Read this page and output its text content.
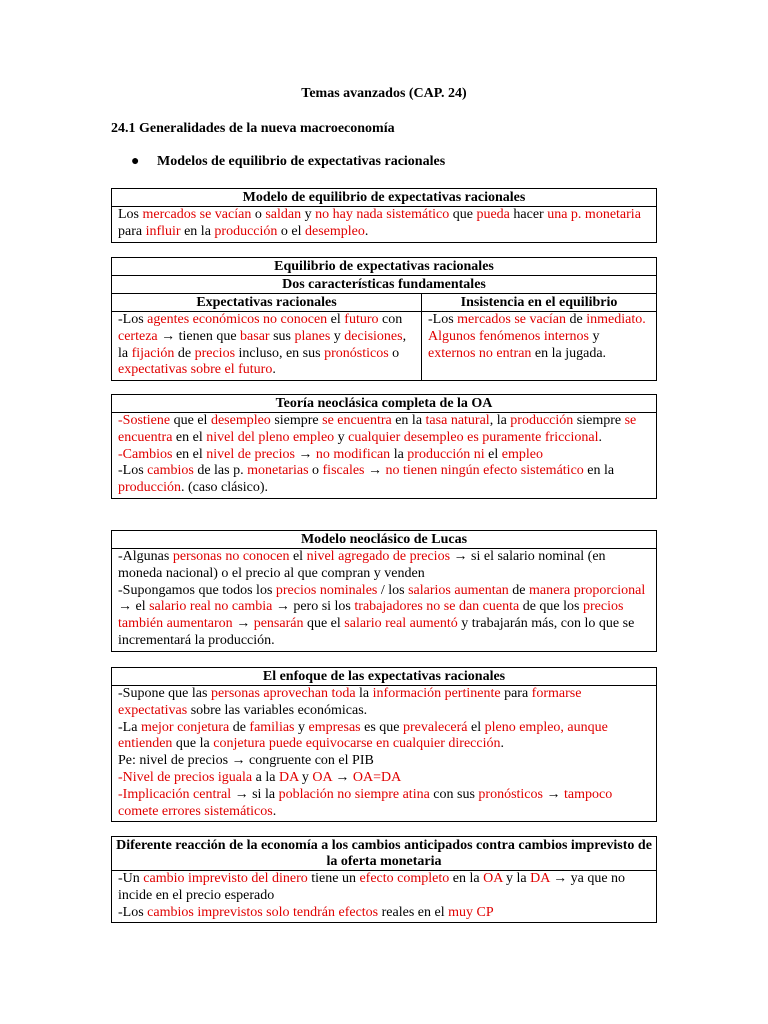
Temas avanzados (CAP. 24)
24.1 Generalidades de la nueva macroeconomía
● Modelos de equilibrio de expectativas racionales
Modelo de equilibrio de expectativas racionales
Los mercados se vacían o saldan y no hay nada sistemático que pueda hacer una p. monetaria para influir en la producción o el desempleo.
Equilibrio de expectativas racionales
Dos características fundamentales
Expectativas racionales
-Los agentes económicos no conocen el futuro con certeza → tienen que basar sus planes y decisiones, la fijación de precios incluso, en sus pronósticos o expectativas sobre el futuro.
Insistencia en el equilibrio
-Los mercados se vacían de inmediato. Algunos fenómenos internos y externos no entran en la jugada.
Teoría neoclásica completa de la OA
-Sostiene que el desempleo siempre se encuentra en la tasa natural, la producción siempre se encuentra en el nivel del pleno empleo y cualquier desempleo es puramente friccional.
-Cambios en el nivel de precios → no modifican la producción ni el empleo
-Los cambios de las p. monetarias o fiscales → no tienen ningún efecto sistemático en la producción. (caso clásico).
Modelo neoclásico de Lucas
-Algunas personas no conocen el nivel agregado de precios → si el salario nominal (en moneda nacional) o el precio al que compran y venden
-Supongamos que todos los precios nominales / los salarios aumentan de manera proporcional → el salario real no cambia → pero si los trabajadores no se dan cuenta de que los precios también aumentaron → pensarán que el salario real aumentó y trabajarán más, con lo que se incrementará la producción.
El enfoque de las expectativas racionales
-Supone que las personas aprovechan toda la información pertinente para formarse expectativas sobre las variables económicas.
-La mejor conjetura de familias y empresas es que prevalecerá el pleno empleo, aunque entienden que la conjetura puede equivocarse en cualquier dirección.
Pe: nivel de precios → congruente con el PIB
-Nivel de precios iguala a la DA y OA → OA=DA
-Implicación central → si la población no siempre atina con sus pronósticos → tampoco comete errores sistemáticos.
Diferente reacción de la economía a los cambios anticipados contra cambios imprevisto de la oferta monetaria
-Un cambio imprevisto del dinero tiene un efecto completo en la OA y la DA → ya que no incide en el precio esperado
-Los cambios imprevistos solo tendrán efectos reales en el muy CP
